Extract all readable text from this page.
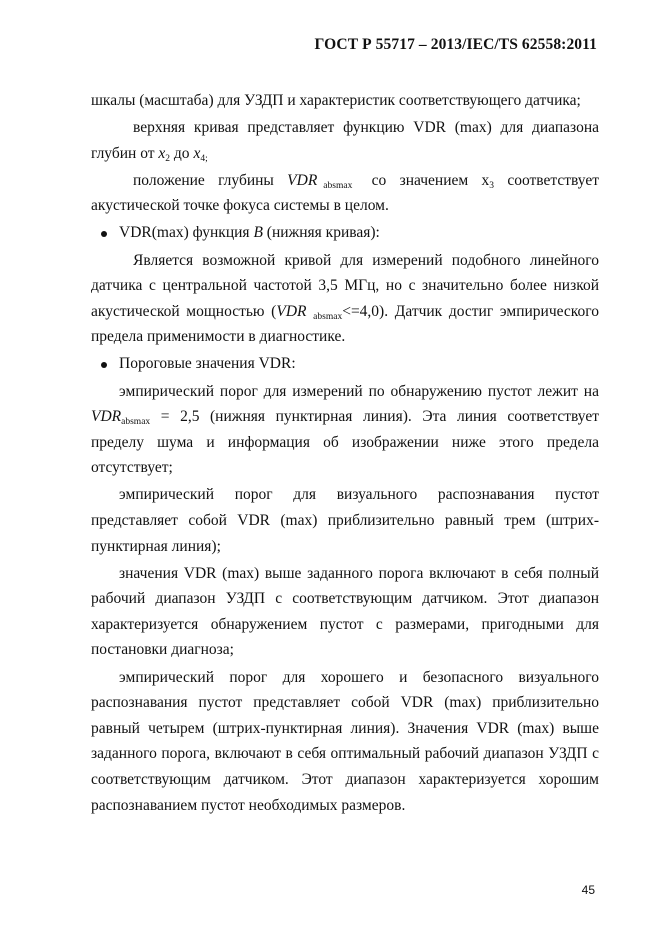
ГОСТ Р 55717 – 2013/IEC/TS 62558:2011

шкалы (масштаба) для УЗДП и характеристик соответствующего датчика;

верхняя кривая представляет функцию VDR (max) для диапазона глубин от $x_2$ до $x_{4;}$

положение глубины VDR $_{absmax}$ со значением $x_3$ соответствует акустической точке фокуса системы в целом.

VDR(max) функция B (нижняя кривая):

Является возможной кривой для измерений подобного линейного датчика с центральной частотой 3,5 МГц, но с значительно более низкой акустической мощностью (VDR $_{absmax}$<=4,0). Датчик достиг эмпирического предела применимости в диагностике.

Пороговые значения VDR:

эмпирический порог для измерений по обнаружению пустот лежит на $VDR_{absmax} = 2,5$ (нижняя пунктирная линия). Эта линия соответствует пределу шума и информация об изображении ниже этого предела отсутствует;

эмпирический порог для визуального распознавания пустот представляет собой VDR (max) приблизительно равный трем (штрих-пунктирная линия);

значения VDR (max) выше заданного порога включают в себя полный рабочий диапазон УЗДП с соответствующим датчиком. Этот диапазон характеризуется обнаружением пустот с размерами, пригодными для постановки диагноза;

эмпирический порог для хорошего и безопасного визуального распознавания пустот представляет собой VDR (max) приблизительно равный четырем (штрих-пунктирная линия). Значения VDR (max) выше заданного порога, включают в себя оптимальный рабочий диапазон УЗДП с соответствующим датчиком. Этот диапазон характеризуется хорошим распознаванием пустот необходимых размеров.

45
